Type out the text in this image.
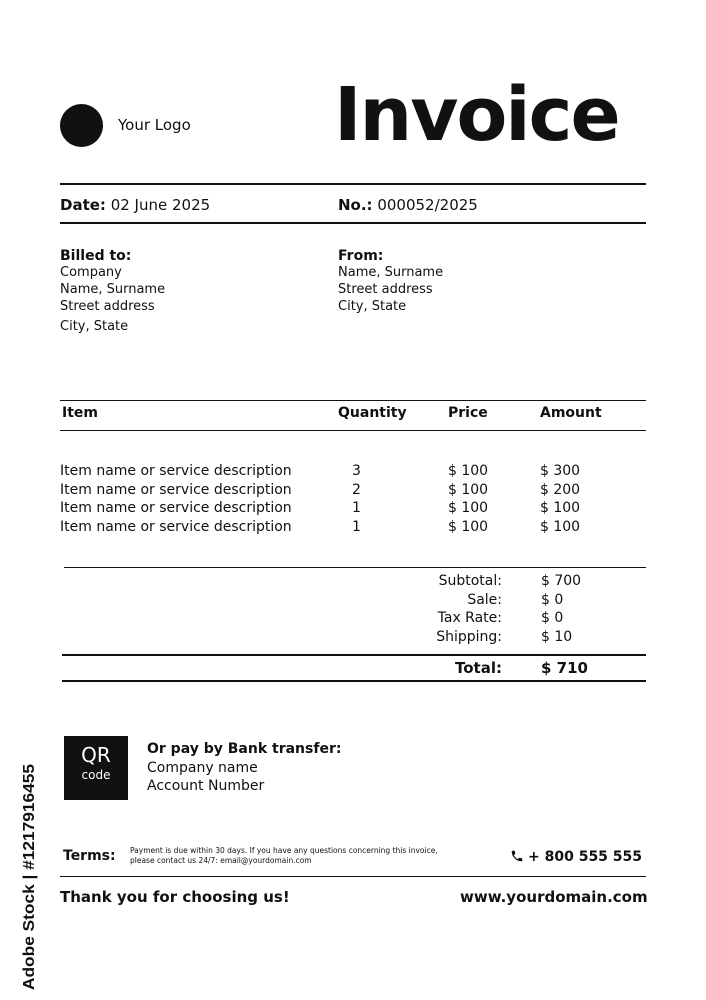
Your Logo Invoice
Date: 02 June 2025	No.: 000052/2025
Billed to:
Company
Name, Surname
Street address
City, State
From:
Name, Surname
Street address
City, State
Item	Quantity	Price	Amount
Item name or service description	3	$ 100	$ 300
Item name or service description	2	$ 100	$ 200
Item name or service description	1	$ 100	$ 100
Item name or service description	1	$ 100	$ 100
Subtotal:	$ 700
Sale:	$ 0
Tax Rate:	$ 0
Shipping:	$ 10
Total:	$ 710
QR
code
Or pay by Bank transfer:
Company name
Account Number
Terms: Payment is due within 30 days. If you have any questions concerning this invoice,
please contact us 24/7: email@yourdomain.com	+ 800 555 555
Thank you for choosing us!	www.yourdomain.com
Adobe Stock | #1217916455
